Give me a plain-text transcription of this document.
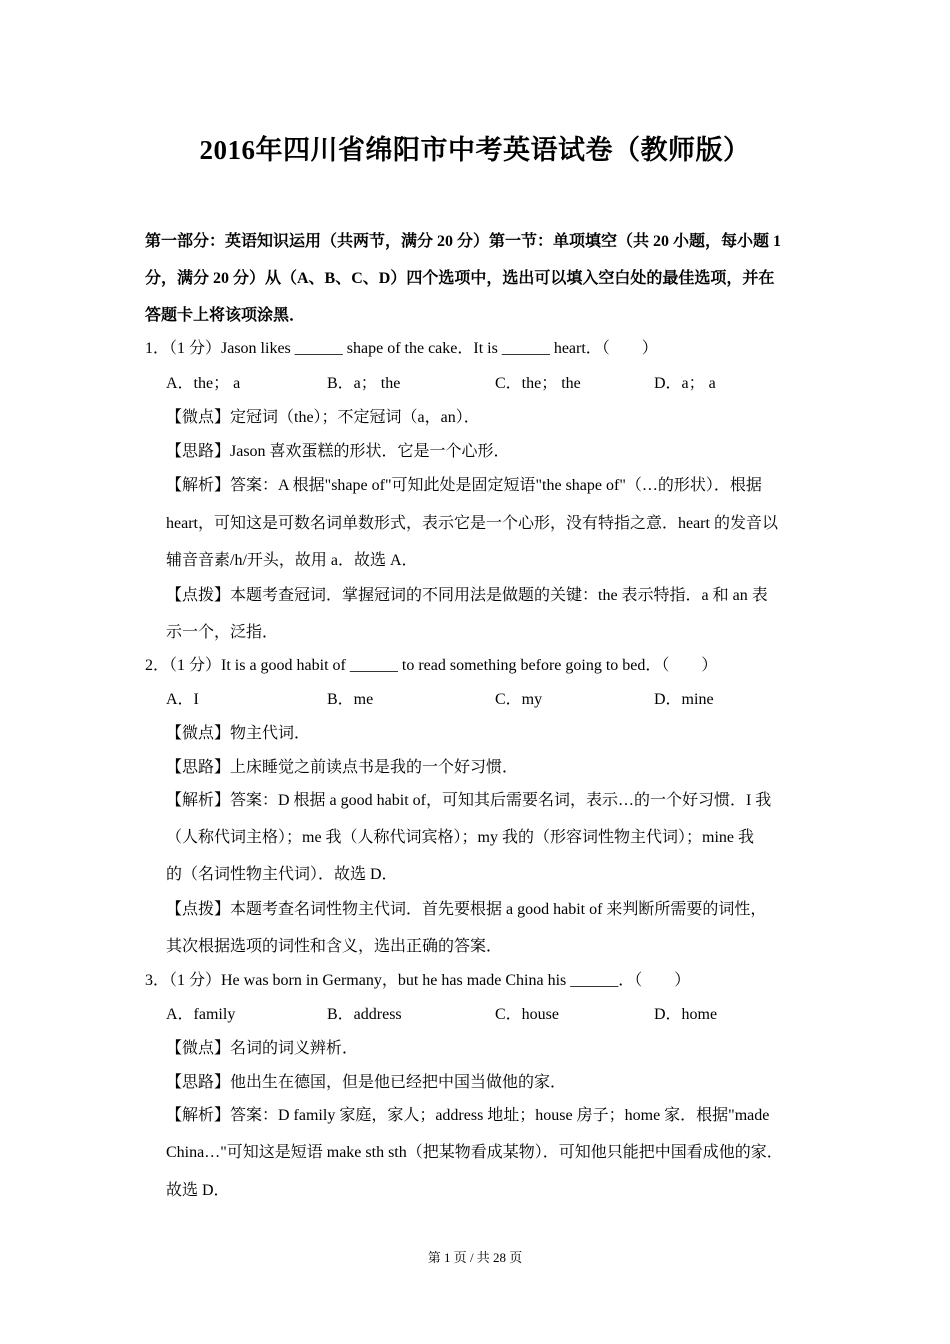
2016年四川省绵阳市中考英语试卷（教师版）
第一部分：英语知识运用（共两节，满分 20 分）第一节：单项填空（共 20 小题，每小题 1
分，满分 20 分）从（A、B、C、D）四个选项中，选出可以填入空白处的最佳选项，并在
答题卡上将该项涂黑．
1．（1 分）Jason likes ______ shape of the cake．It is ______ heart．（　　）
A．the； a	B．a； the	C．the； the	D．a； a
【微点】定冠词（the）；不定冠词（a，an）．
【思路】Jason 喜欢蛋糕的形状．它是一个心形．
【解析】答案：A 根据"shape of"可知此处是固定短语"the shape of"（…的形状）．根据
heart，可知这是可数名词单数形式，表示它是一个心形，没有特指之意．heart 的发音以
辅音音素/h/开头，故用 a．故选 A．
【点拨】本题考查冠词．掌握冠词的不同用法是做题的关键：the 表示特指．a 和 an 表
示一个，泛指．
2．（1 分）It is a good habit of ______ to read something before going to bed．（　　）
A．I	B．me	C．my	D．mine
【微点】物主代词．
【思路】上床睡觉之前读点书是我的一个好习惯．
【解析】答案：D 根据 a good habit of，可知其后需要名词，表示…的一个好习惯．I 我
（人称代词主格）；me 我（人称代词宾格）；my 我的（形容词性物主代词）；mine 我
的（名词性物主代词）．故选 D．
【点拨】本题考查名词性物主代词．首先要根据 a good habit of 来判断所需要的词性，
其次根据选项的词性和含义，选出正确的答案．
3．（1 分）He was born in Germany，but he has made China his ______．（　　）
A．family	B．address	C．house	D．home
【微点】名词的词义辨析．
【思路】他出生在德国，但是他已经把中国当做他的家．
【解析】答案：D family 家庭，家人；address 地址；house 房子；home 家．根据"made
China…"可知这是短语 make sth sth（把某物看成某物）．可知他只能把中国看成他的家．
故选 D．
第 1 页 / 共 28 页
